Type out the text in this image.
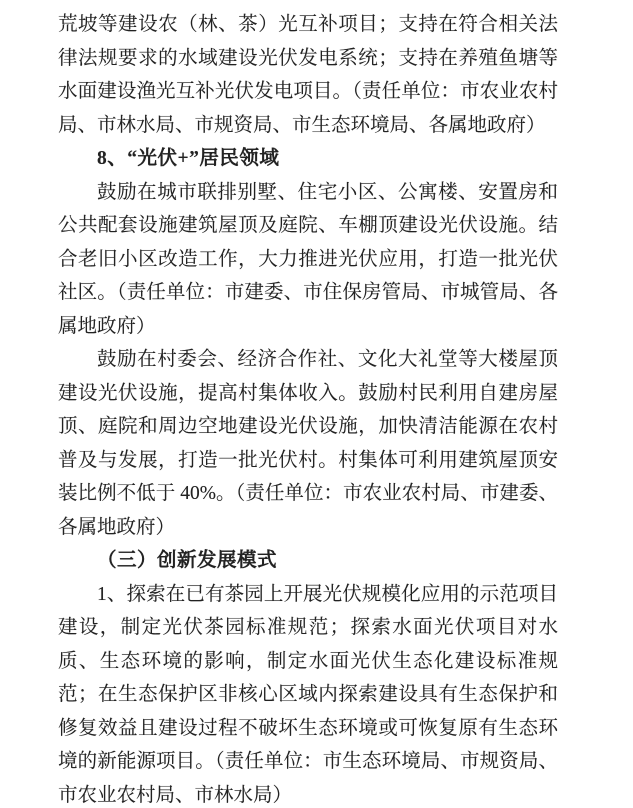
荒坡等建设农（林、茶）光互补项目；支持在符合相关法律法规要求的水域建设光伏发电系统；支持在养殖鱼塘等水面建设渔光互补光伏发电项目。（责任单位：市农业农村局、市林水局、市规资局、市生态环境局、各属地政府）

8、“光伏+”居民领域

鼓励在城市联排别墅、住宅小区、公寓楼、安置房和公共配套设施建筑屋顶及庭院、车棚顶建设光伏设施。结合老旧小区改造工作，大力推进光伏应用，打造一批光伏社区。（责任单位：市建委、市住保房管局、市城管局、各属地政府）

鼓励在村委会、经济合作社、文化大礼堂等大楼屋顶建设光伏设施，提高村集体收入。鼓励村民利用自建房屋顶、庭院和周边空地建设光伏设施，加快清洁能源在农村普及与发展，打造一批光伏村。村集体可利用建筑屋顶安装比例不低于 40%。（责任单位：市农业农村局、市建委、各属地政府）

（三）创新发展模式

1、探索在已有茶园上开展光伏规模化应用的示范项目建设，制定光伏茶园标准规范；探索水面光伏项目对水质、生态环境的影响，制定水面光伏生态化建设标准规范；在生态保护区非核心区域内探索建设具有生态保护和修复效益且建设过程不破坏生态环境或可恢复原有生态环境的新能源项目。（责任单位：市生态环境局、市规资局、市农业农村局、市林水局）
